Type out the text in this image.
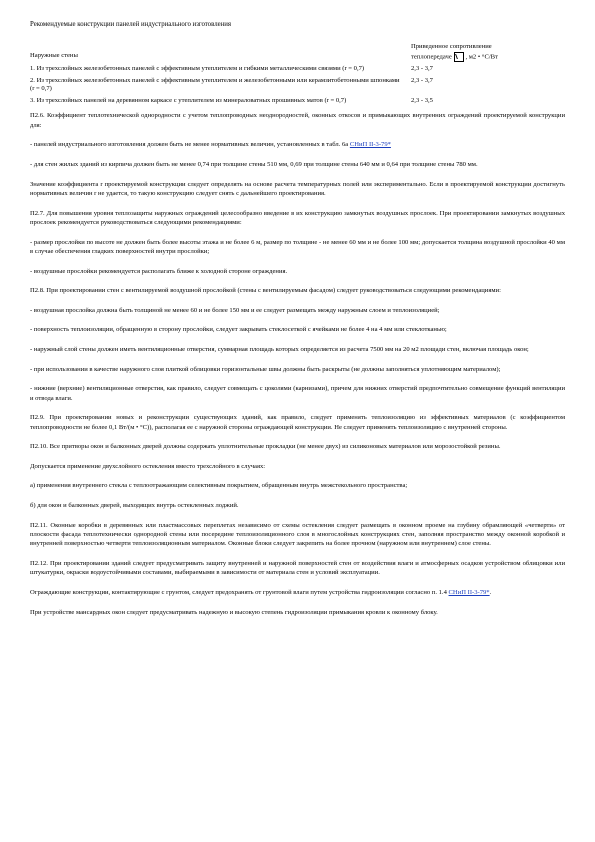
Рекомендуемые конструкции панелей индустриального изготовления
Наружные стены	Приведенное сопротивление
теплопередаче , м2 • °С/Вт

1. Из трехслойных железобетонных панелей с эффективным утеплителем и гибкими металлическими связями (r = 0,7)	2,3 - 3,7
2. Из трехслойных железобетонных панелей с эффективным утеплителем и железобетонными или керамзитобетонными шпонками (r = 0,7)	2,3 - 3,7
3. Из трехслойных панелей на деревянном каркасе с утеплителем из минераловатных прошивных матов (r = 0,7)	2,3 - 3,5

П2.6. Коэффициент теплотехнической однородности с учетом теплопроводных неоднородностей, оконных откосов и примыкающих внутренних ограждений проектируемой конструкции для:

- панелей индустриального изготовления должен быть не менее нормативных величин, установленных в табл. 6а СНиП II-3-79*

- для стен жилых зданий из кирпича должен быть не менее 0,74 при толщине стены 510 мм, 0,69 при толщине стены 640 мм и 0,64 при толщине стены 780 мм.

Значение коэффициента r проектируемой конструкции следует определять на основе расчета температурных полей или экспериментально. Если в проектируемой конструкции достигнуть нормативных величин r не удается, то такую конструкцию следует снять с дальнейшего проектирования.

П2.7. Для повышения уровня теплозащиты наружных ограждений целесообразно введение в их конструкцию замкнутых воздушных прослоек. При проектировании замкнутых воздушных прослоек рекомендуется руководствоваться следующими рекомендациями:

- размер прослойки по высоте не должен быть более высоты этажа и не более 6 м, размер по толщине - не менее 60 мм и не более 100 мм; допускается толщина воздушной прослойки 40 мм в случае обеспечения гладких поверхностей внутри прослойки;

- воздушные прослойки рекомендуется располагать ближе к холодной стороне ограждения.

П2.8. При проектировании стен с вентилируемой воздушной прослойкой (стены с вентилируемым фасадом) следует руководствоваться следующими рекомендациями:

- воздушная прослойка должна быть толщиной не менее 60 и не более 150 мм и ее следует размещать между наружным слоем и теплоизоляцией;

- поверхность теплоизоляции, обращенную в сторону прослойки, следует закрывать стеклосеткой с ячейками не более 4 на 4 мм или стеклотканью;

- наружный слой стены должен иметь вентиляционные отверстия, суммарная площадь которых определяется из расчета 7500 мм на 20 м2 площади стен, включая площадь окон;

- при использовании в качестве наружного слоя плиткой облицовки горизонтальные швы должны быть раскрыты (не должны заполняться уплотняющим материалом);

- нижние (верхние) вентиляционные отверстия, как правило, следует совмещать с цоколями (карнизами), причем для нижних отверстий предпочтительно совмещение функций вентиляции и отвода влаги.

П2.9. При проектировании новых и реконструкции существующих зданий, как правило, следует применять теплоизоляцию из эффективных материалов (с коэффициентом теплопроводности не более 0,1 Вт/(м • °С)), располагая ее с наружной стороны ограждающей конструкции. Не следует применять теплоизоляцию с внутренней стороны.

П2.10. Все притворы окон и балконных дверей должны содержать уплотнительные прокладки (не менее двух) из силиконовых материалов или морозостойкой резины.

Допускается применение двухслойного остекления вместо трехслойного в случаях:

а) применения внутреннего стекла с теплоотражающим селективным покрытием, обращенным внутрь межстекольного пространства;

б) для окон и балконных дверей, выходящих внутрь остекленных лоджий.

П2.11. Оконные коробки в деревянных или пластмассовых переплетах независимо от схемы остекления следует размещать в оконном проеме на глубину обрамляющей «четверти» от плоскости фасада теплотехнически однородной стены или посередине теплоизоляционного слоя в многослойных конструкциях стен, заполняя пространство между оконной коробкой и внутренней поверхностью четверти теплоизоляционным материалом. Оконные блоки следует закрепить на более прочном (наружном или внутреннем) слое стены.

П2.12. При проектировании зданий следует предусматривать защиту внутренней и наружной поверхностей стен от воздействия влаги и атмосферных осадков устройством облицовки или штукатурки, окраски водоустойчивыми составами, выбираемыми в зависимости от материала стен и условий эксплуатации.

Ограждающие конструкции, контактирующие с грунтом, следует предохранять от грунтовой влаги путем устройства гидроизоляции согласно п. 1.4 СНиП II-3-79*.

При устройстве мансардных окон следует предусматривать надежную и высокую степень гидроизоляции примыкания кровли к оконному блоку.
